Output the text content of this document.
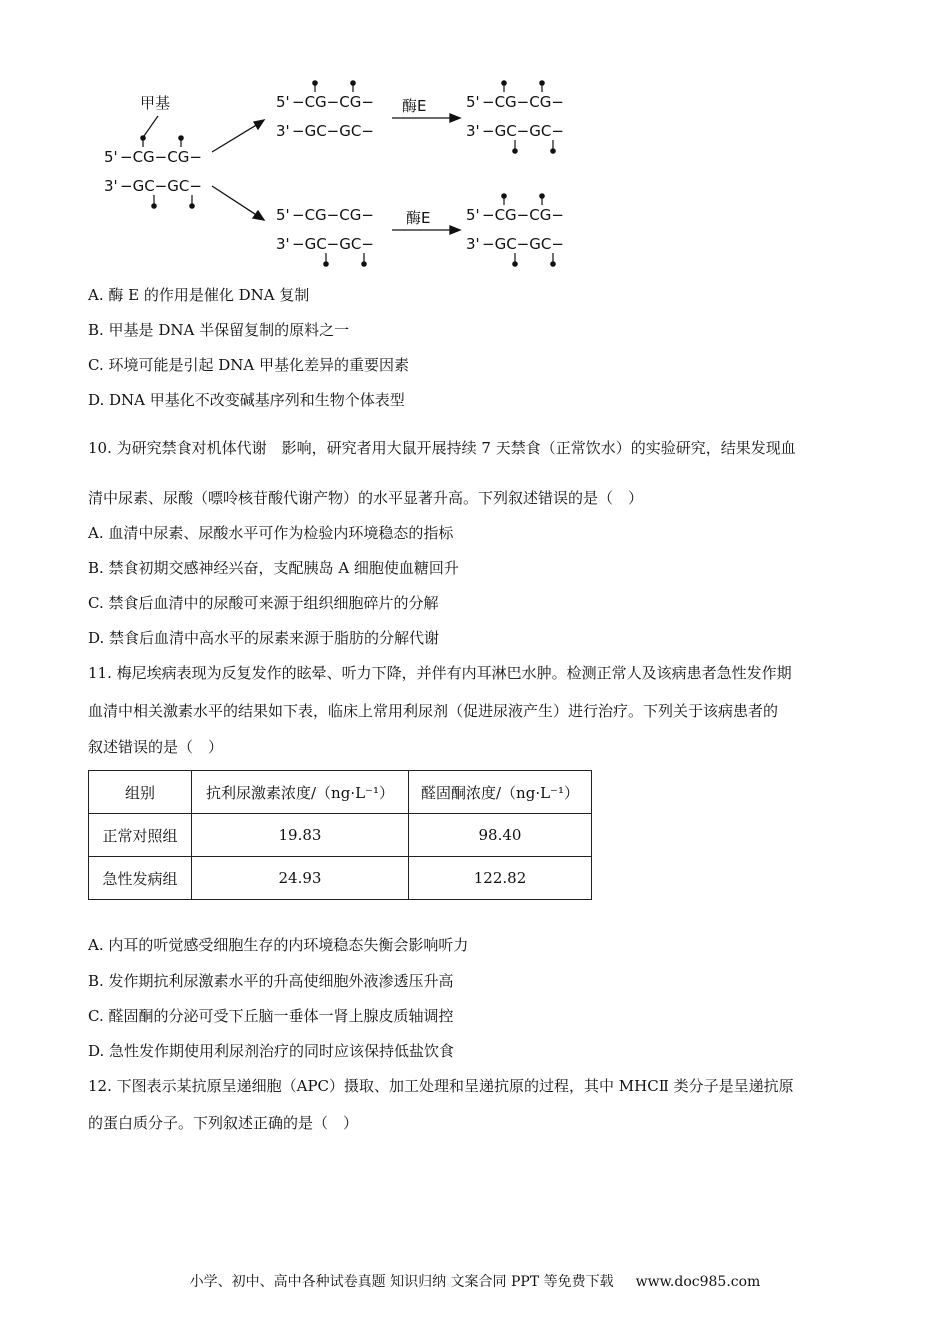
甲基
5' −CG−CG−
3' −GC−GC−
5' −CG−CG−
3' −GC−GC−
酶E	5' −CG−CG−
3' −GC−GC−
5' −CG−CG−
3' −GC−GC−
酶E 5' −CG−CG−
3' −GC−GC−
A. 酶 E 的作用是催化 DNA 复制
B. 甲基是 DNA 半保留复制的原料之一
C. 环境可能是引起 DNA 甲基化差异的重要因素
D. DNA 甲基化不改变碱基序列和生物个体表型
10. 为研究禁食对机体代谢　影响，研究者用大鼠开展持续 7 天禁食（正常饮水）的实验研究，结果发现血
清中尿素、尿酸（嘌呤核苷酸代谢产物）的水平显著升高。下列叙述错误的是（　）
A. 血清中尿素、尿酸水平可作为检验内环境稳态的指标
B. 禁食初期交感神经兴奋，支配胰岛 A 细胞使血糖回升
C. 禁食后血清中的尿酸可来源于组织细胞碎片的分解
D. 禁食后血清中高水平的尿素来源于脂肪的分解代谢
11. 梅尼埃病表现为反复发作的眩晕、听力下降，并伴有内耳淋巴水肿。检测正常人及该病患者急性发作期
血清中相关激素水平的结果如下表，临床上常用利尿剂（促进尿液产生）进行治疗。下列关于该病患者的
叙述错误的是（　）
组别	抗利尿激素浓度/（ng·L⁻¹）	醛固酮浓度/（ng·L⁻¹）
正常对照组	19.83	98.40
急性发病组	24.93	122.82
A. 内耳的听觉感受细胞生存的内环境稳态失衡会影响听力
B. 发作期抗利尿激素水平的升高使细胞外液渗透压升高
C. 醛固酮的分泌可受下丘脑一垂体一肾上腺皮质轴调控
D. 急性发作期使用利尿剂治疗的同时应该保持低盐饮食
12. 下图表示某抗原呈递细胞（APC）摄取、加工处理和呈递抗原的过程，其中 MHCⅡ 类分子是呈递抗原
的蛋白质分子。下列叙述正确的是（　）
小学、初中、高中各种试卷真题 知识归纳 文案合同 PPT 等免费下载 www.doc985.com
